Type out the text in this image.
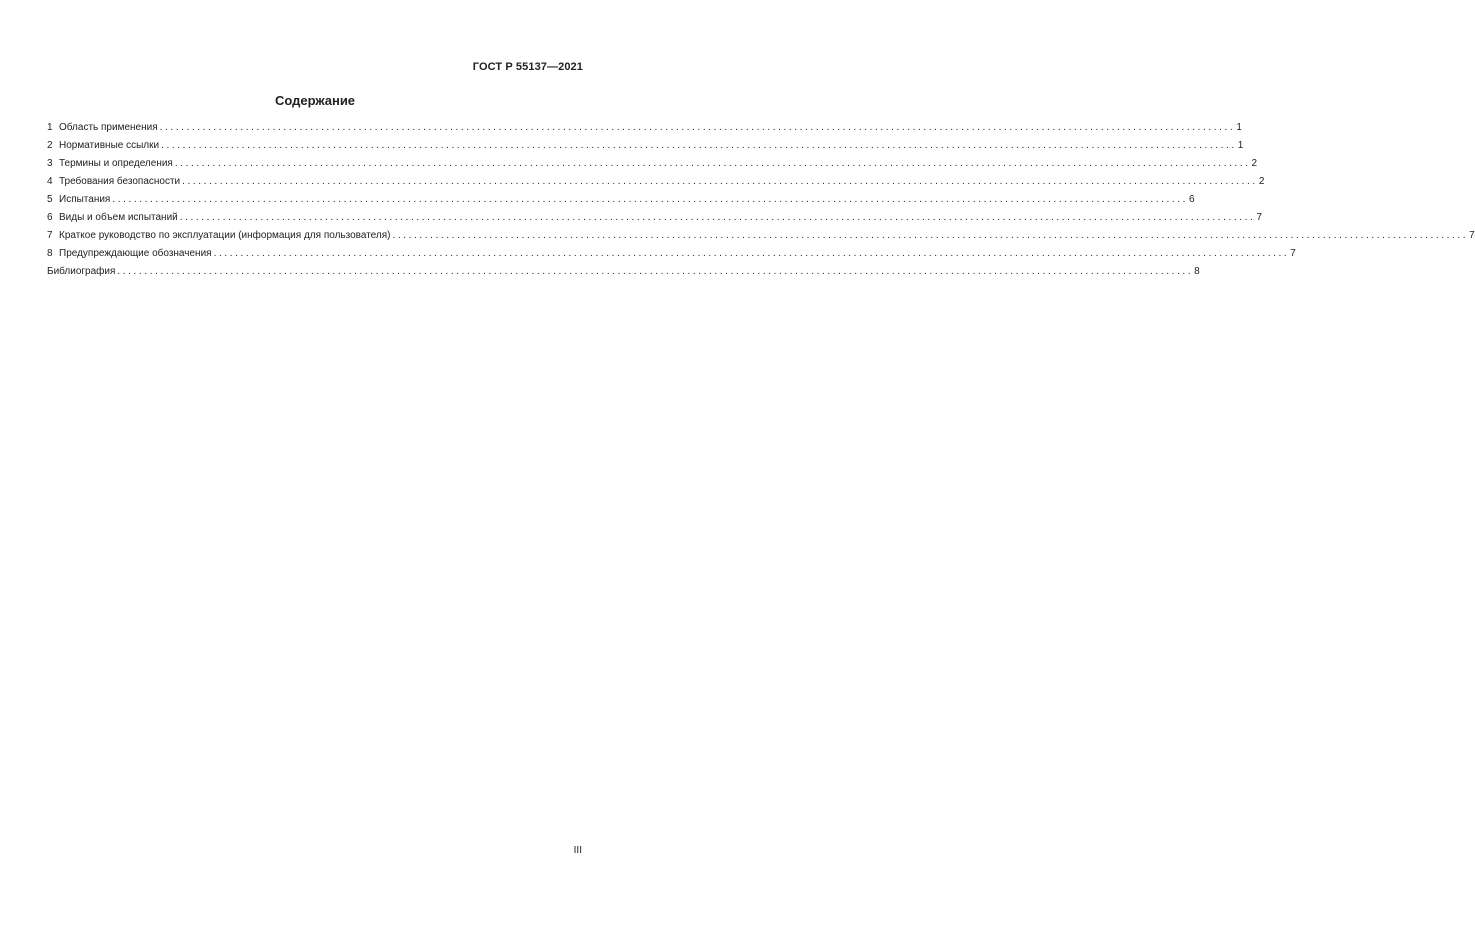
ГОСТ Р 55137—2021
Содержание
1 Область применения ........................................................................................................................................................................................................ 1
2 Нормативные ссылки ........................................................................................................................................................................................................ 1
3 Термины и определения ........................................................................................................................................................................................................ 2
4 Требования безопасности ........................................................................................................................................................................................................ 2
5 Испытания ........................................................................................................................................................................................................ 6
6 Виды и объем испытаний ........................................................................................................................................................................................................ 7
7 Краткое руководство по эксплуатации (информация для пользователя) ........................................................................................................................................................................................................ 7
8 Предупреждающие обозначения ........................................................................................................................................................................................................ 7
Библиография ........................................................................................................................................................................................................ 8
III
